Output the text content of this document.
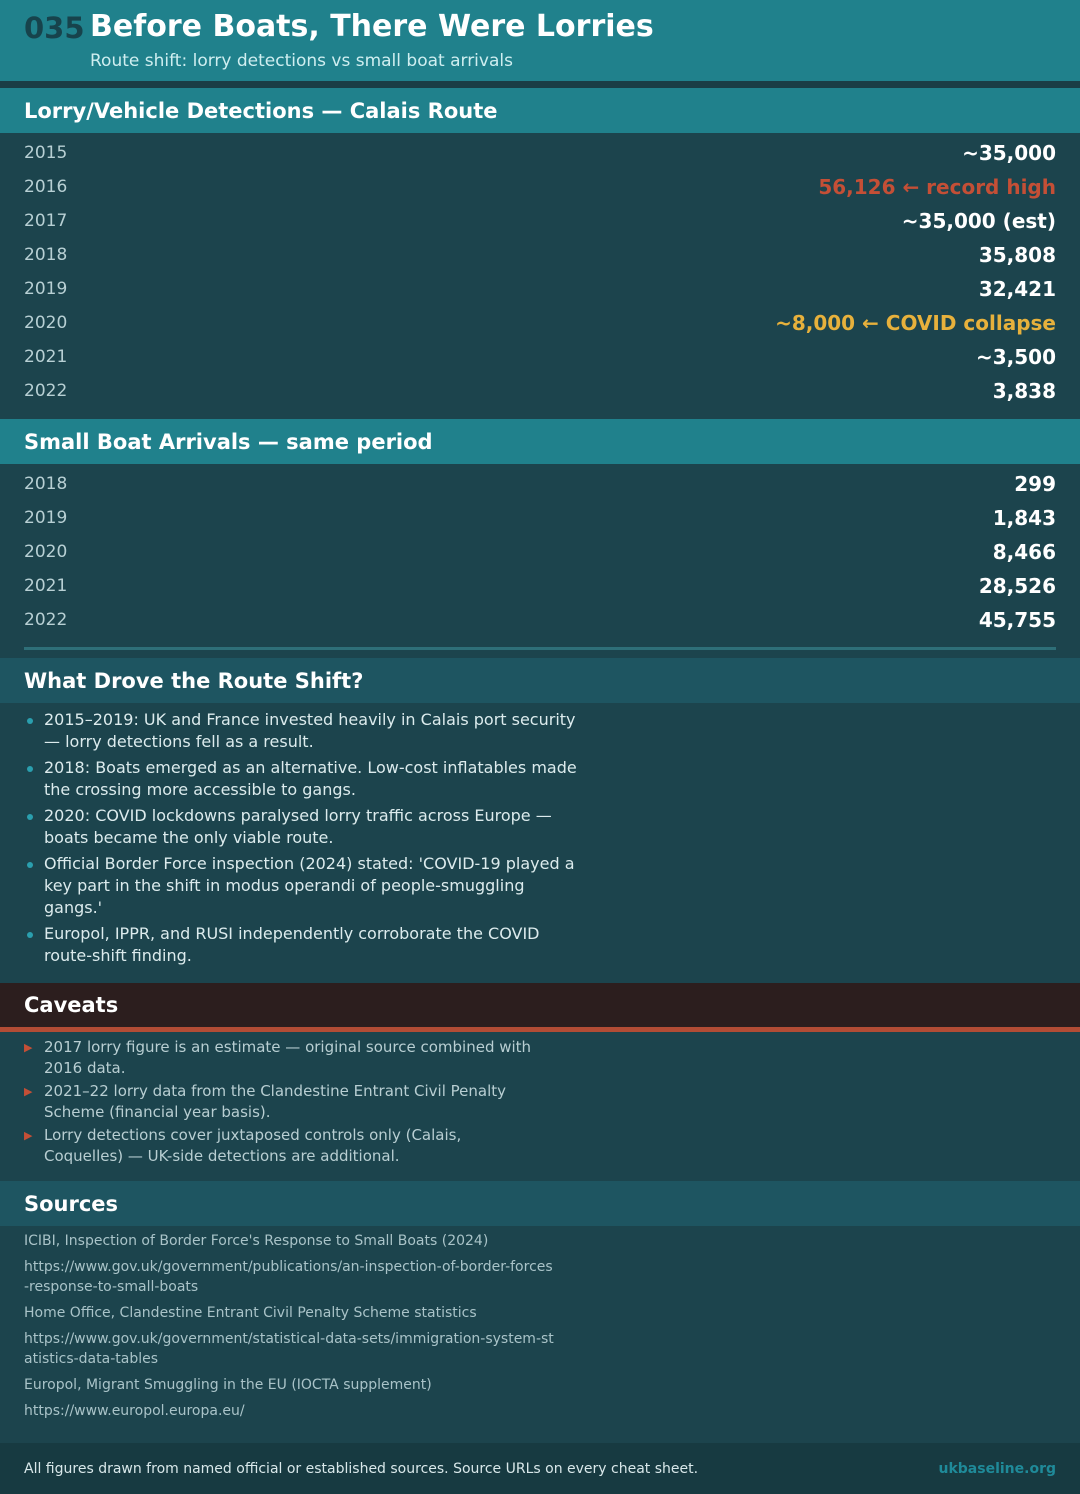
035 Before Boats, There Were Lorries
Route shift: lorry detections vs small boat arrivals
Lorry/Vehicle Detections — Calais Route
2015	~35,000
2016	56,126 ← record high
2017	~35,000 (est)
2018	35,808
2019	32,421
2020	~8,000 ← COVID collapse
2021	~3,500
2022	3,838
Small Boat Arrivals — same period
2018	299
2019	1,843
2020	8,466
2021	28,526
2022	45,755
What Drove the Route Shift?
2015–2019: UK and France invested heavily in Calais port security — lorry detections fell as a result.
2018: Boats emerged as an alternative. Low-cost inflatables made the crossing more accessible to gangs.
2020: COVID lockdowns paralysed lorry traffic across Europe — boats became the only viable route.
Official Border Force inspection (2024) stated: 'COVID-19 played a key part in the shift in modus operandi of people-smuggling gangs.'
Europol, IPPR, and RUSI independently corroborate the COVID route-shift finding.
Caveats
▶ 2017 lorry figure is an estimate — original source combined with 2016 data.
▶ 2021–22 lorry data from the Clandestine Entrant Civil Penalty Scheme (financial year basis).
▶ Lorry detections cover juxtaposed controls only (Calais, Coquelles) — UK-side detections are additional.
Sources
ICIBI, Inspection of Border Force's Response to Small Boats (2024)
https://www.gov.uk/government/publications/an-inspection-of-border-forces-response-to-small-boats
Home Office, Clandestine Entrant Civil Penalty Scheme statistics
https://www.gov.uk/government/statistical-data-sets/immigration-system-statistics-data-tables
Europol, Migrant Smuggling in the EU (IOCTA supplement)
https://www.europol.europa.eu/
All figures drawn from named official or established sources. Source URLs on every cheat sheet.	ukbaseline.org
